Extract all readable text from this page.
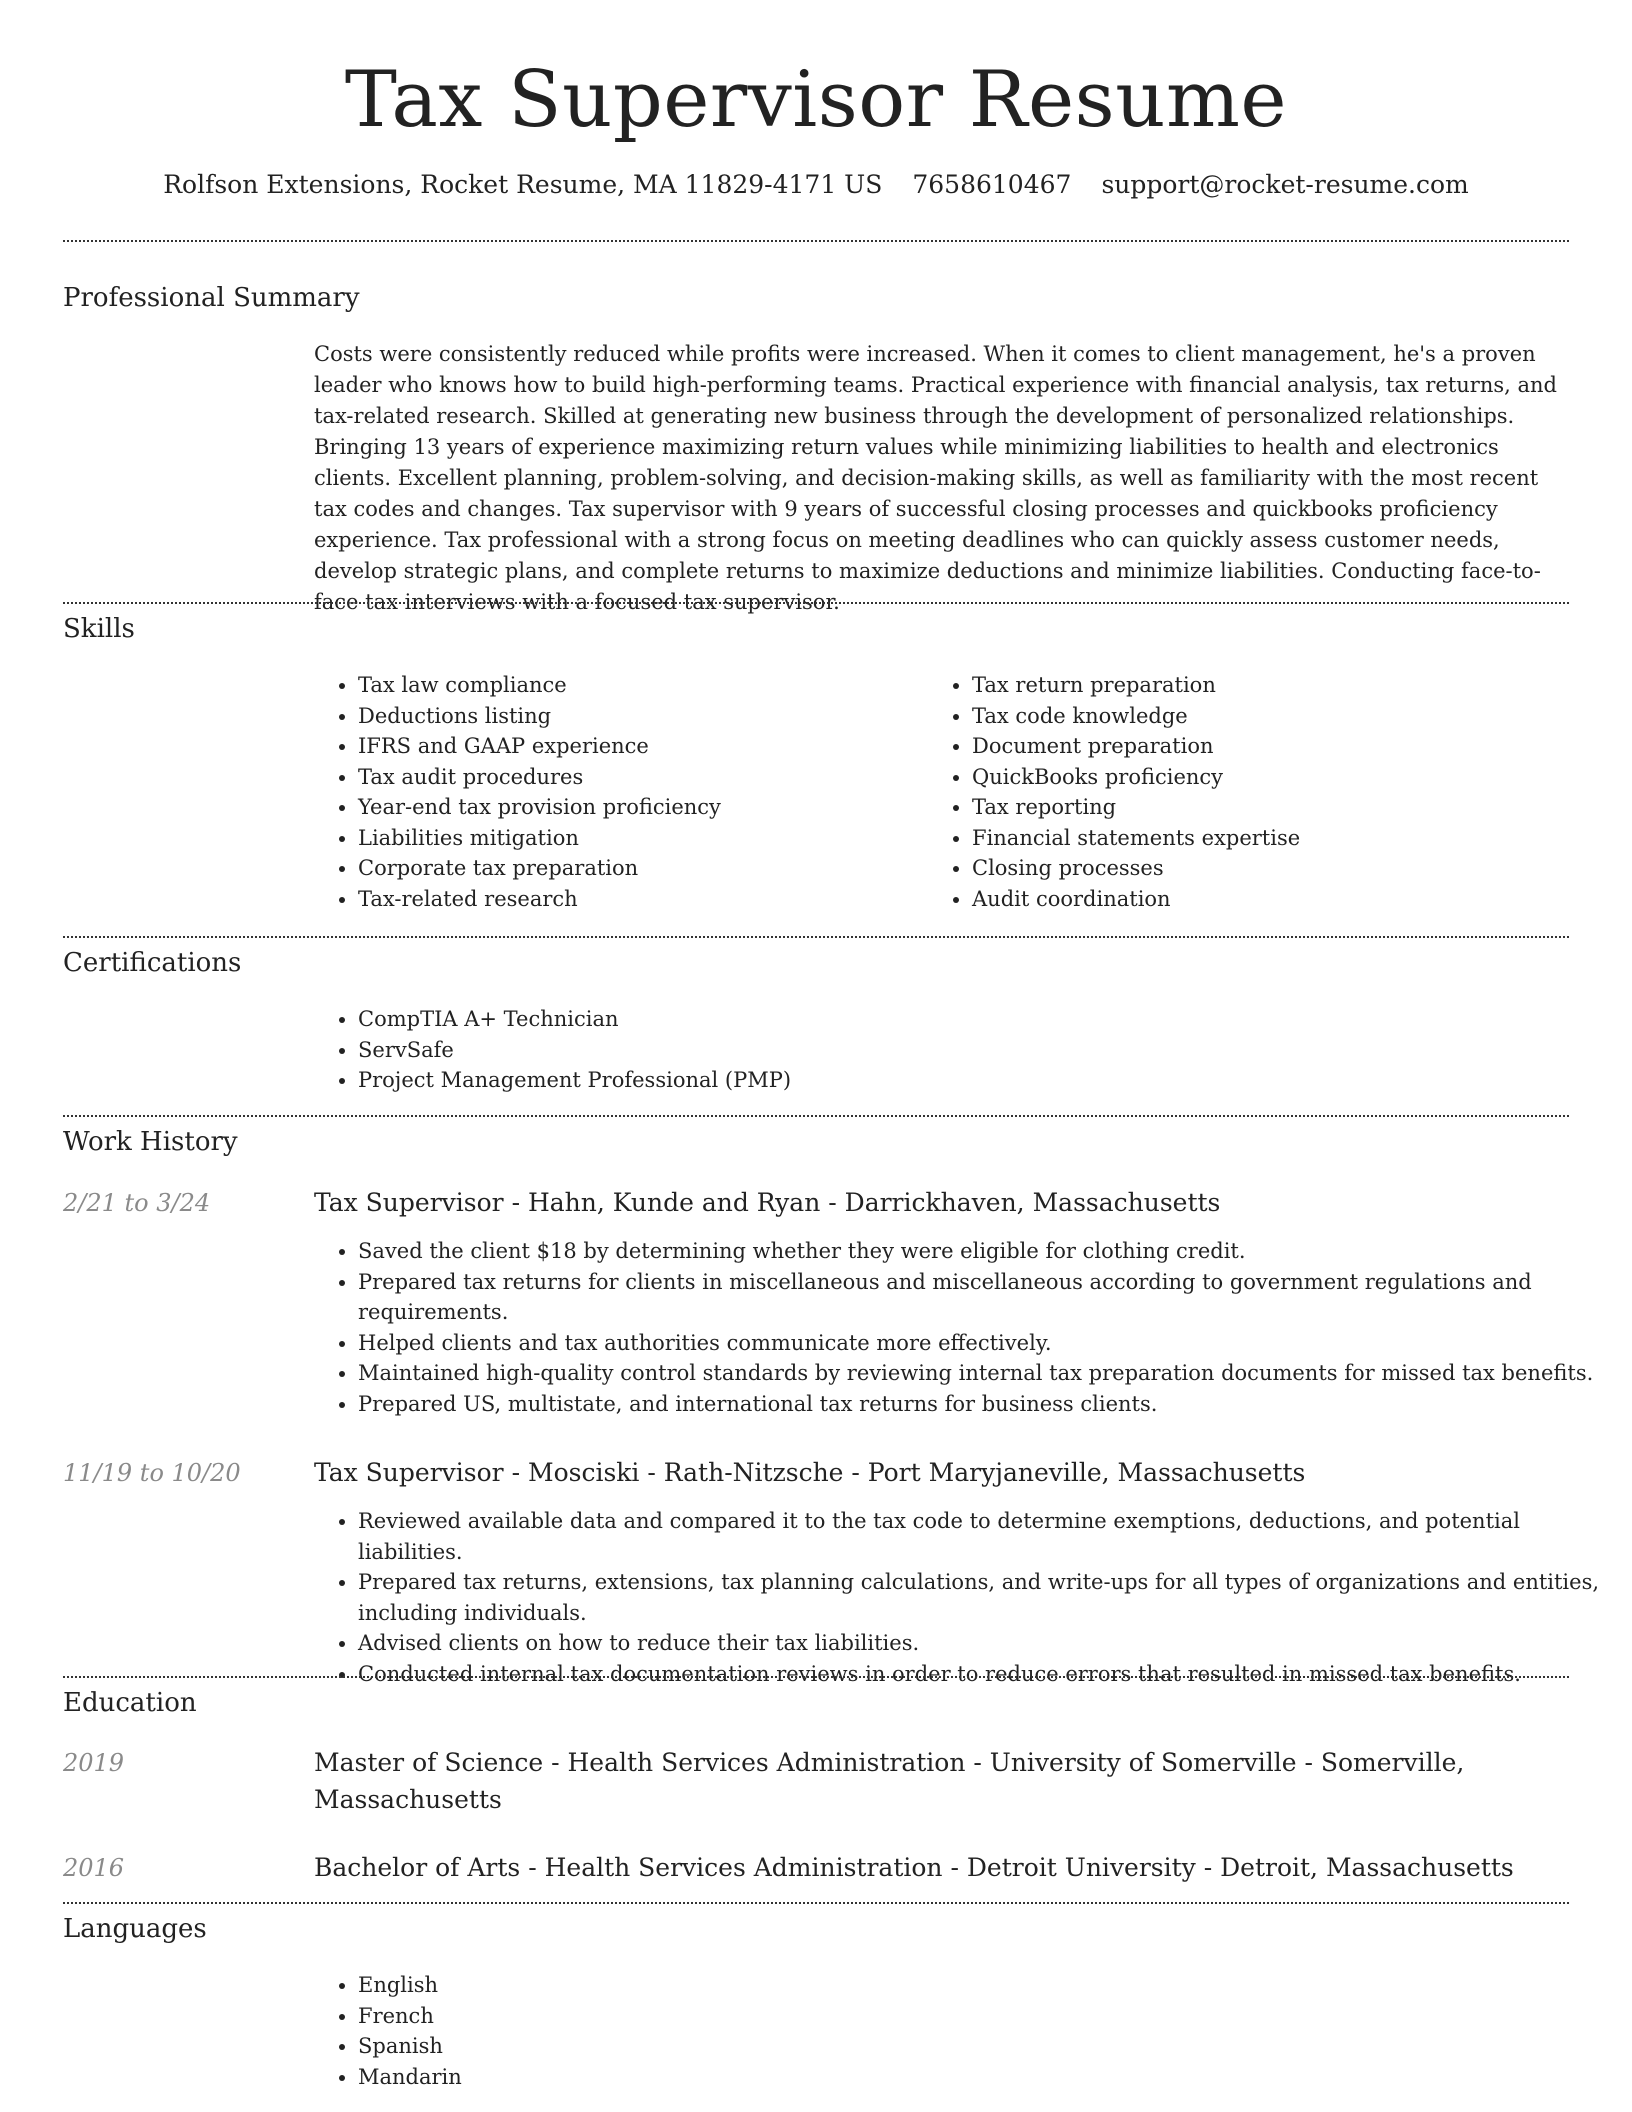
Tax Supervisor Resume
Rolfson Extensions, Rocket Resume, MA 11829-4171 US 7658610467 support@rocket-resume.com
Professional Summary
Costs were consistently reduced while profits were increased. When it comes to client management, he's a proven leader who knows how to build high-performing teams. Practical experience with financial analysis, tax returns, and tax-related research. Skilled at generating new business through the development of personalized relationships. Bringing 13 years of experience maximizing return values while minimizing liabilities to health and electronics clients. Excellent planning, problem-solving, and decision-making skills, as well as familiarity with the most recent tax codes and changes. Tax supervisor with 9 years of successful closing processes and quickbooks proficiency experience. Tax professional with a strong focus on meeting deadlines who can quickly assess customer needs, develop strategic plans, and complete returns to maximize deductions and minimize liabilities. Conducting face-to-face tax interviews with a focused tax supervisor.
Skills
• Tax law compliance
• Deductions listing
• IFRS and GAAP experience
• Tax audit procedures
• Year-end tax provision proficiency
• Liabilities mitigation
• Corporate tax preparation
• Tax-related research
• Tax return preparation
• Tax code knowledge
• Document preparation
• QuickBooks proficiency
• Tax reporting
• Financial statements expertise
• Closing processes
• Audit coordination
Certifications
• CompTIA A+ Technician
• ServSafe
• Project Management Professional (PMP)
Work History
2/21 to 3/24	Tax Supervisor - Hahn, Kunde and Ryan - Darrickhaven, Massachusetts
• Saved the client $18 by determining whether they were eligible for clothing credit.
• Prepared tax returns for clients in miscellaneous and miscellaneous according to government regulations and requirements.
• Helped clients and tax authorities communicate more effectively.
• Maintained high-quality control standards by reviewing internal tax preparation documents for missed tax benefits.
• Prepared US, multistate, and international tax returns for business clients.
11/19 to 10/20	Tax Supervisor - Mosciski - Rath-Nitzsche - Port Maryjaneville, Massachusetts
• Reviewed available data and compared it to the tax code to determine exemptions, deductions, and potential liabilities.
• Prepared tax returns, extensions, tax planning calculations, and write-ups for all types of organizations and entities, including individuals.
• Advised clients on how to reduce their tax liabilities.
• Conducted internal tax documentation reviews in order to reduce errors that resulted in missed tax benefits.
Education
2019	Master of Science - Health Services Administration - University of Somerville - Somerville, Massachusetts
2016	Bachelor of Arts - Health Services Administration - Detroit University - Detroit, Massachusetts
Languages
• English
• French
• Spanish
• Mandarin
